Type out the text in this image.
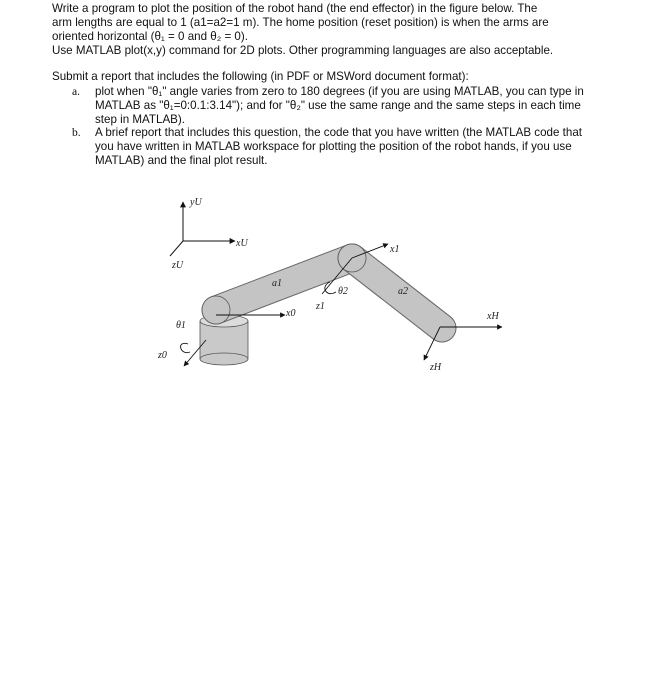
Write a program to plot the position of the robot hand (the end effector) in the figure below. The
arm lengths are equal to 1 (a1=a2=1 m). The home position (reset position) is when the arms are
oriented horizontal (θ₁ = 0 and θ₂ = 0).
Use MATLAB plot(x,y) command for 2D plots. Other programming languages are also acceptable.
Submit a report that includes the following (in PDF or MSWord document format):
a. plot when "θ₁" angle varies from zero to 180 degrees (if you are using MATLAB, you can type in
MATLAB as "θ₁=0:0.1:3.14"); and for "θ₂" use the same range and the same steps in each time
step in MATLAB).
b. A brief report that includes this question, the code that you have written (the MATLAB code that
you have written in MATLAB workspace for plotting the position of the robot hands, if you use
MATLAB) and the final plot result.
yU
xU
zU
a1
θ2
x1
a2
xH
x0
z1
θ1
z0
zH
